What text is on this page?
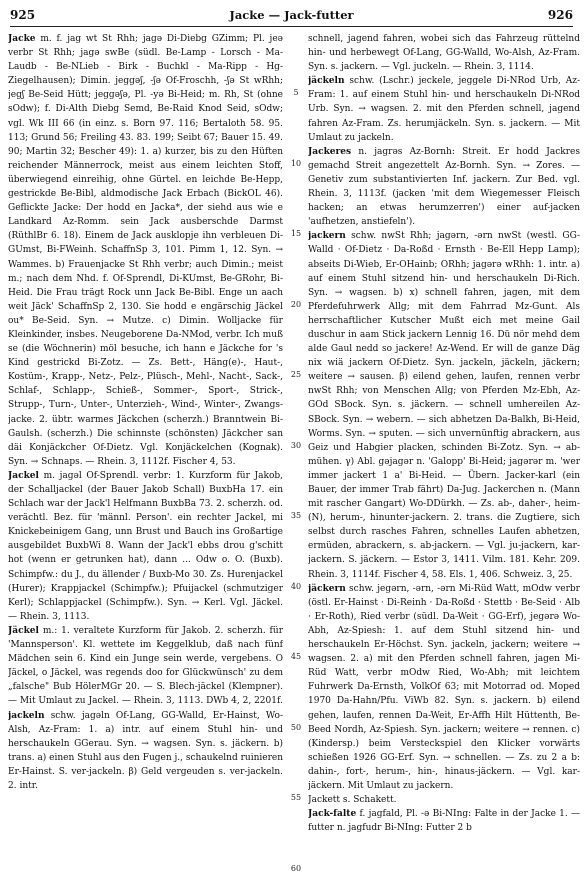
925	Jacke — Jack-futter	926

Jacke m. f. jag wt St Rhh; jagə Di-Diebg GZimm; Pl. jeə verbr St Rhh; jagə swBe (südl. Be-Lamp - Lorsch - Ma-Laudb - Be-NLieb - Birk - Buchkl - Ma-Ripp - Hg-Ziegelhausen); Dimin. jeggəʃ, -ʃə Of-Froschh, -ʃə St wRhh; jegʃ Be-Seid Hütt; jeggəʃə, Pl. -yə Bi-Heid; m. Rh, St (ohne sOdw); f. Di-Alth Diebg Semd, Be-Raid Knod Seid, sOdw; vgl. Wk III 66 (in einz. s. Born 97. 116; Bertaloth 58. 95. 113; Grund 56; Freiling 43. 83. 199; Seibt 67; Bauer 15. 49. 90; Martin 32; Bescher 49): 1. a) kurzer, bis zu den Hüften reichender Männerrock, meist aus einem leichten Stoff, überwiegend einreihig, ohne Gürtel. en leichde Be-Hepp, gestrickde Be-Bibl, aldmodische Jack Erbach (BickOL 46). Geflickte Jacke: Der hodd en Jacka*, der siehd aus wie e Landkard Az-Romm. sein Jack ausberschde Darmst (RüthlBr 6. 18). Einem de Jack ausklopje ihn verbleuen Di-GUmst, Bi-FWeinh. SchaffnSp 3, 101. Pimm 1, 12. Syn. → Wammes. b) Frauenjacke St Rhh verbr; auch Dimin.; meist m.; nach dem Nhd. f. Of-Sprendl, Di-KUmst, Be-GRohr, Bi-Heid. Die Frau trägt Rock unn Jack Be-Bibl. Enge un aach weit Jäck' SchaffnSp 2, 130. Sie hodd e engärschig Jäckel ou* Be-Seid. Syn. → Mutze. c) Dimin. Wolljacke für Kleinkinder, insbes. Neugeborene Da-NMod, verbr. Ich muß se (die Wöchnerin) möl besuche, ich hann e Jäckche for 's Kind gestrickd Bi-Zotz. — Zs. Bett-, Häng(e)-, Haut-, Kostüm-, Krapp-, Netz-, Pelz-, Plüsch-, Mehl-, Nacht-, Sack-, Schlaf-, Schlapp-, Schieß-, Sommer-, Sport-, Strick-, Strupp-, Turn-, Unter-, Unterzieh-, Wind-, Winter-, Zwangs-jacke. 2. übtr. warmes Jäckchen (scherzh.) Branntwein Bi-Gaulsh. (scherzh.) Die schinnste (schönsten) Jäckcher san däi Konjäckcher Of-Dietz. Vgl. Konjäckelchen (Kognak). Syn. → Schnaps. — Rhein. 3, 1112f. Fischer 4, 53.

Jackel m. jagəl Of-Sprendl. verbr: 1. Kurzform für Jakob, der Schalljackel (der Bauer Jakob Schall) BuxbHa 17. ein Schlach war der Jack'l Helfmann BuxbBa 73. 2. scherzh. od. verächtl. Bez. für 'männl. Person'. ein rechter Jackel, mi Knickebeinigem Gang, unn Brust und Bauch ins Großartige ausgebildet BuxbWi 8. Wann der Jack'l ebbs drou g'schitt hot (wenn er getrunken hat), dann ... Odw o. O. (Buxb). Schimpfw.: du J., du ällender / Buxb-Mo 30. Zs. Hurenjackel (Hurer); Krappjackel (Schimpfw.); Pfuijackel (schmutziger Kerl); Schlappjackel (Schimpfw.). Syn. → Kerl. Vgl. Jäckel. — Rhein. 3, 1113.

Jäckel m.: 1. veraltete Kurzform für Jakob. 2. scherzh. für 'Mannsperson'. Kl. wettete im Keggelklub, daß nach fünf Mädchen sein 6. Kind ein Junge sein werde, vergebens. O Jäckel, o Jäckel, was regends doo for Glückwünsch' zu dem „falsche" Bub HölerMGr 20. — S. Blech-jäckel (Klempner). — Mit Umlaut zu Jackel. — Rhein. 3, 1113. DWb 4, 2, 2201f.

jackeln schw. jagəln Of-Lang, GG-Walld, Er-Hainst, Wo-Alsh, Az-Fram: 1. a) intr. auf einem Stuhl hin- und herschaukeln GGerau. Syn. → wagsen. Syn. s. jäckern. b) trans. a) einen Stuhl aus den Fugen j., schaukelnd ruinieren Er-Hainst. S. ver-jackeln. β) Geld vergeuden s. ver-jackeln. 2. intr.

5
10
15
20
25
30
35
40
45
50
55
60

schnell, jagend fahren, wobei sich das Fahrzeug rüttelnd hin- und herbewegt Of-Lang, GG-Walld, Wo-Alsh, Az-Fram. Syn. s. jackern. — Vgl. juckeln. — Rhein. 3, 1114.

jäckeln schw. (Lschr.) jeckele, jeggele Di-NRod Urb, Az-Fram: 1. auf einem Stuhl hin- und herschaukeln Di-NRod Urb. Syn. → wagsen. 2. mit den Pferden schnell, jagend fahren Az-Fram. Zs. herumjäckeln. Syn. s. jackern. — Mit Umlaut zu jackeln.

Jackeres n. jagrəs Az-Bornh: Streit. Er hodd Jackres gemachd Streit angezettelt Az-Bornh. Syn. → Zores. — Genetiv zum substantivierten Inf. jackern. Zur Bed. vgl. Rhein. 3, 1113f. (jacken 'mit dem Wiegemesser Fleisch hacken; an etwas herumzerren') einer auf-jacken 'aufhetzen, anstiefeln').

jackern schw. nwSt Rhh; jagərn, -ərn nwSt (westl. GG-Walld · Of-Dietz · Da-Roßd · Ernsth · Be-Ell Hepp Lamp); abseits Di-Wieb, Er-OHainb; ORhh; jagərə wRhh: 1. intr. a) auf einem Stuhl sitzend hin- und herschaukeln Di-Rich. Syn. → wagsen. b) x) schnell fahren, jagen, mit dem Pferdefuhrwerk Allg; mit dem Fahrrad Mz-Gunt. Als herrschaftlicher Kutscher Mußt eich met meine Gail duschur in aam Stick jackern Lennig 16. Dü nör mehd dem alde Gaul nedd so jackere! Az-Wend. Er will de ganze Däg nix wiä jackern Of-Dietz. Syn. jackeln, jäckeln, jäckern; weitere → sausen. β) eilend gehen, laufen, rennen verbr nwSt Rhh; von Menschen Allg; von Pferden Mz-Ebh, Az-GOd SBock. Syn. s. jäckern. — schnell umhereilen Az-SBock. Syn. → webern. — sich abhetzen Da-Balkh, Bi-Heid, Worms. Syn. → sputen. — sich unvernünftig abrackern, aus Geiz und Habgier placken, schinden Bi-Zotz. Syn. → ab-mühen. γ) Abl. gəjagər n. 'Galopp' Bi-Heid; jagərər m. 'wer immer jackert 1 a' Bi-Heid. — Übern. Jacker-karl (ein Bauer, der immer Trab fährt) Da-Jug. Jackerchen n. (Mann mit rascher Gangart) Wo-DDürkh. — Zs. ab-, daher-, heim- (N), herum-, hinunter-jackern. 2. trans. die Zugtiere, sich selbst durch rasches Fahren, schnelles Laufen abhetzen, ermüden, abrackern, s. ab-jackern. — Vgl. ju-jackern, kar-jackern. S. jäckern. — Estor 3, 1411. Vilm. 181. Kehr. 209. Rhein. 3, 1114f. Fischer 4, 58. Els. 1, 406. Schweiz. 3, 25.

jäckern schw. jegərn, -ərn, -ərn Mi-Rüd Watt, mOdw verbr (östl. Er-Hainst · Di-Reinh · Da-Roßd · Stettb · Be-Seid · Alb · Er-Roth), Ried verbr (südl. Da-Weit · GG-Erf), jegərə Wo-Abh, Az-Spiesh: 1. auf dem Stuhl sitzend hin- und herschaukeln Er-Höchst. Syn. jackeln, jackern; weitere → wagsen. 2. a) mit den Pferden schnell fahren, jagen Mi-Rüd Watt, verbr mOdw Ried, Wo-Abh; mit leichtem Fuhrwerk Da-Ernsth, VolkOf 63; mit Motorrad od. Moped 1970 Da-Hahn/Pfu. ViWb 82. Syn. s. jackern. b) eilend gehen, laufen, rennen Da-Weit, Er-Affh Hilt Hüttenth, Be-Beed Nordh, Az-Spiesh. Syn. jackern; weitere → rennen. c) (Kindersp.) beim Versteckspiel den Klicker vorwärts schießen 1926 GG-Erf. Syn. → schnellen. — Zs. zu 2 a b: dahin-, fort-, herum-, hin-, hinaus-jäckern. — Vgl. kar-jäckern. Mit Umlaut zu jackern.

Jackett s. Schakett.

Jack-falte f. jagfald, Pl. -ə Bi-NIng: Falte in der Jacke 1. —futter n. jagfudr Bi-NIng: Futter 2 b
